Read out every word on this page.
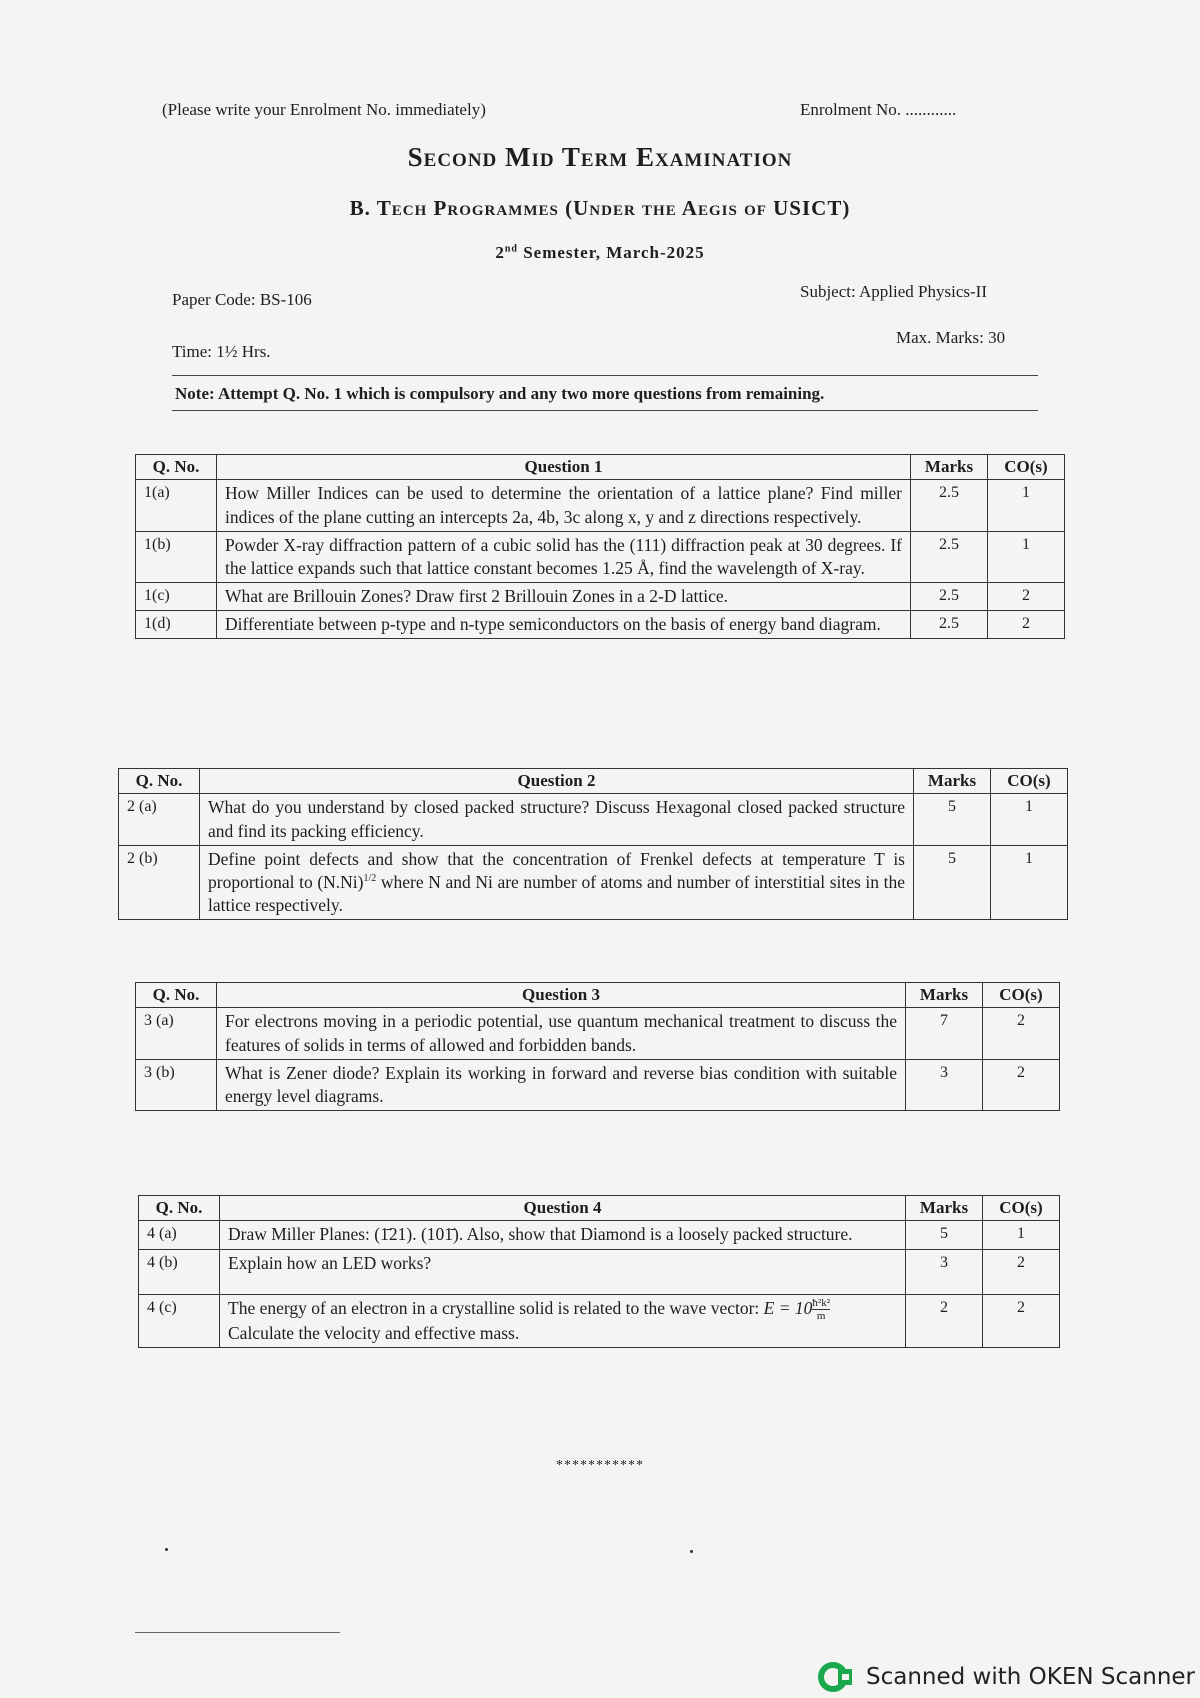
(Please write your Enrolment No. immediately)	Enrolment No. ............
Second Mid Term Examination
B. Tech Programmes (Under the Aegis of USICT)
2nd Semester, March-2025
Paper Code: BS-106	Subject: Applied Physics-II
Time: 1½ Hrs.
Max. Marks: 30
Note: Attempt Q. No. 1 which is compulsory and any two more questions from remaining.
Q. No.	Question 1	Marks	CO(s)
1(a)	How Miller Indices can be used to determine the orientation of a lattice plane? Find miller indices of the plane cutting an intercepts 2a, 4b, 3c along x, y and z directions respectively.	2.5	1
1(b)	Powder X-ray diffraction pattern of a cubic solid has the (111) diffraction peak at 30 degrees. If the lattice expands such that lattice constant becomes 1.25 Å, find the wavelength of X-ray.	2.5	1
1(c)	What are Brillouin Zones? Draw first 2 Brillouin Zones in a 2-D lattice.	2.5	2
1(d)	Differentiate between p-type and n-type semiconductors on the basis of energy band diagram.	2.5	2
Q. No.	Question 2	Marks	CO(s)
2 (a)	What do you understand by closed packed structure? Discuss Hexagonal closed packed structure and find its packing efficiency.	5	1
2 (b)	Define point defects and show that the concentration of Frenkel defects at temperature T is proportional to $(N.Ni)^{1/2}$ where N and Ni are number of atoms and number of interstitial sites in the lattice respectively.	5	1
Q. No.	Question 3	Marks	CO(s)
3 (a)	For electrons moving in a periodic potential, use quantum mechanical treatment to discuss the features of solids in terms of allowed and forbidden bands.	7	2
3 (b)	What is Zener diode? Explain its working in forward and reverse bias condition with suitable energy level diagrams.	3	2
Q. No.	Question 4	Marks	CO(s)
4 (a)	Draw Miller Planes: (1̄21). (101̄). Also, show that Diamond is a loosely packed structure.	5	1
4 (b)	Explain how an LED works?	3	2
4 (c)	The energy of an electron in a crystalline solid is related to the wave vector: $E = 10 \frac{\text{ħ²k²}}{m}$

Calculate the velocity and effective mass.	2	2
***********
Scanned with OKEN Scanner
